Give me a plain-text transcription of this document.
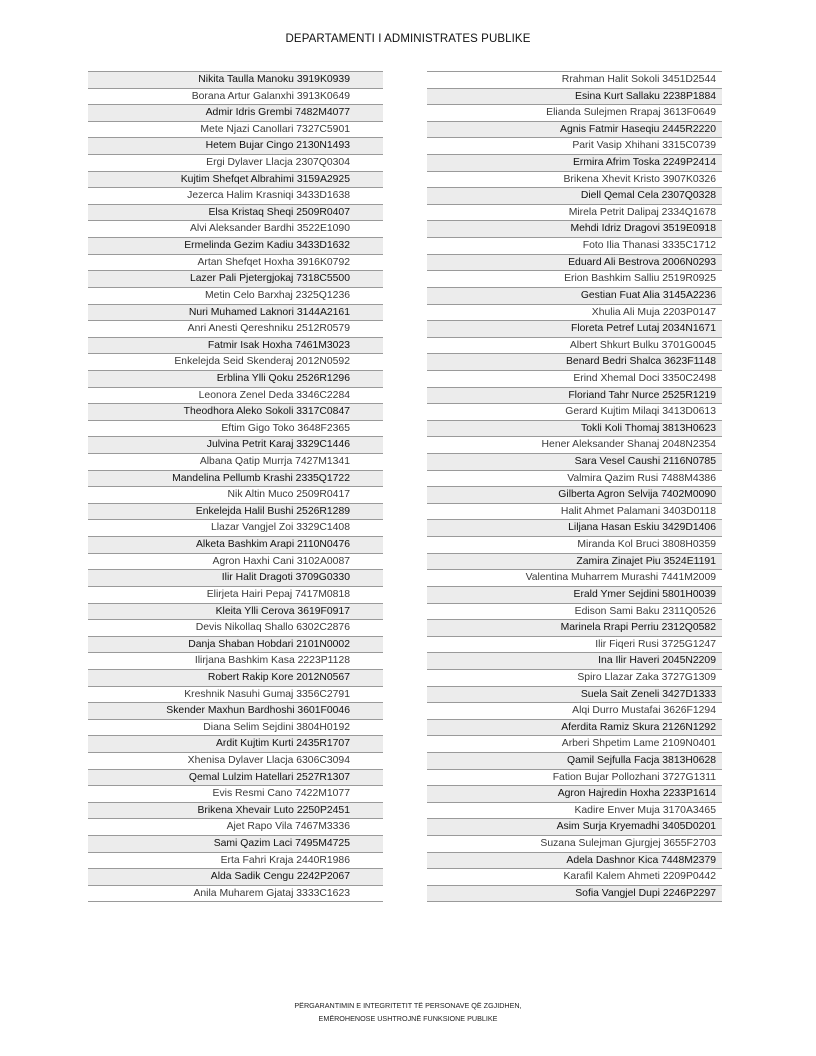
DEPARTAMENTI I ADMINISTRATES PUBLIKE
Nikita Taulla Manoku 3919K0939
Borana Artur Galanxhi 3913K0649
Admir Idris Grembi 7482M4077
Mete Njazi Canollari 7327C5901
Hetem Bujar Cingo 2130N1493
Ergi Dylaver Llacja 2307Q0304
Kujtim Shefqet Albrahimi 3159A2925
Jezerca Halim Krasniqi 3433D1638
Elsa Kristaq Sheqi 2509R0407
Alvi Aleksander Bardhi 3522E1090
Ermelinda Gezim Kadiu 3433D1632
Artan Shefqet Hoxha 3916K0792
Lazer Pali Pjetergjokaj 7318C5500
Metin Celo Barxhaj 2325Q1236
Nuri Muhamed Laknori 3144A2161
Anri Anesti Qereshniku 2512R0579
Fatmir Isak Hoxha 7461M3023
Enkelejda Seid Skenderaj 2012N0592
Erblina Ylli Qoku 2526R1296
Leonora Zenel Deda 3346C2284
Theodhora Aleko Sokoli 3317C0847
Eftim Gigo Toko 3648F2365
Julvina Petrit Karaj 3329C1446
Albana Qatip Murrja 7427M1341
Mandelina Pellumb Krashi 2335Q1722
Nik Altin Muco 2509R0417
Enkelejda Halil Bushi 2526R1289
Llazar Vangjel Zoi 3329C1408
Alketa Bashkim Arapi 2110N0476
Agron Haxhi Cani 3102A0087
Ilir Halit Dragoti 3709G0330
Elirjeta Hairi Pepaj 7417M0818
Kleita Ylli Cerova 3619F0917
Devis Nikollaq Shallo 6302C2876
Danja Shaban Hobdari 2101N0002
Ilirjana Bashkim Kasa 2223P1128
Robert Rakip Kore 2012N0567
Kreshnik Nasuhi Gumaj 3356C2791
Skender Maxhun Bardhoshi 3601F0046
Diana Selim Sejdini 3804H0192
Ardit Kujtim Kurti 2435R1707
Xhenisa Dylaver Llacja 6306C3094
Qemal Lulzim Hatellari 2527R1307
Evis Resmi Cano 7422M1077
Brikena Xhevair Luto 2250P2451
Ajet Rapo Vila 7467M3336
Sami Qazim Laci 7495M4725
Erta Fahri Kraja 2440R1986
Alda Sadik Cengu 2242P2067
Anila Muharem Gjataj 3333C1623
Rrahman Halit Sokoli 3451D2544
Esina Kurt Sallaku 2238P1884
Elianda Sulejmen Rrapaj 3613F0649
Agnis Fatmir Haseqiu 2445R2220
Parit Vasip Xhihani 3315C0739
Ermira Afrim Toska 2249P2414
Brikena Xhevit Kristo 3907K0326
Diell Qemal Cela 2307Q0328
Mirela Petrit Dalipaj 2334Q1678
Mehdi Idriz Dragovi 3519E0918
Foto Ilia Thanasi 3335C1712
Eduard Ali Bestrova 2006N0293
Erion Bashkim Salliu 2519R0925
Gestian Fuat Alia 3145A2236
Xhulia Ali Muja 2203P0147
Floreta Petref Lutaj 2034N1671
Albert Shkurt Bulku 3701G0045
Benard Bedri Shalca 3623F1148
Erind Xhemal Doci 3350C2498
Floriand Tahr Nurce 2525R1219
Gerard Kujtim Milaqi 3413D0613
Tokli Koli Thomaj 3813H0623
Hener Aleksander Shanaj 2048N2354
Sara Vesel Caushi 2116N0785
Valmira Qazim Rusi 7488M4386
Gilberta Agron Selvija 7402M0090
Halit Ahmet Palamani 3403D0118
Liljana Hasan Eskiu 3429D1406
Miranda Kol Bruci 3808H0359
Zamira Zinajet Piu 3524E1191
Valentina Muharrem Murashi 7441M2009
Erald Ymer Sejdini 5801H0039
Edison Sami Baku 2311Q0526
Marinela Rrapi Perriu 2312Q0582
Ilir Fiqeri Rusi 3725G1247
Ina Ilir Haveri 2045N2209
Spiro Llazar Zaka 3727G1309
Suela Sait Zeneli 3427D1333
Alqi Durro Mustafai 3626F1294
Aferdita Ramiz Skura 2126N1292
Arberi Shpetim Lame 2109N0401
Qamil Sejfulla Facja 3813H0628
Fation Bujar Pollozhani 3727G1311
Agron Hajredin Hoxha 2233P1614
Kadire Enver Muja 3170A3465
Asim Surja Kryemadhi 3405D0201
Suzana Sulejman Gjurgjej 3655F2703
Adela Dashnor Kica 7448M2379
Karafil Kalem Ahmeti 2209P0442
Sofia Vangjel Dupi 2246P2297
PËRGARANTIMIN E INTEGRITETIT TË PERSONAVE QË ZGJIDHEN,
EMËROHENOSE USHTROJNË FUNKSIONE PUBLIKE
